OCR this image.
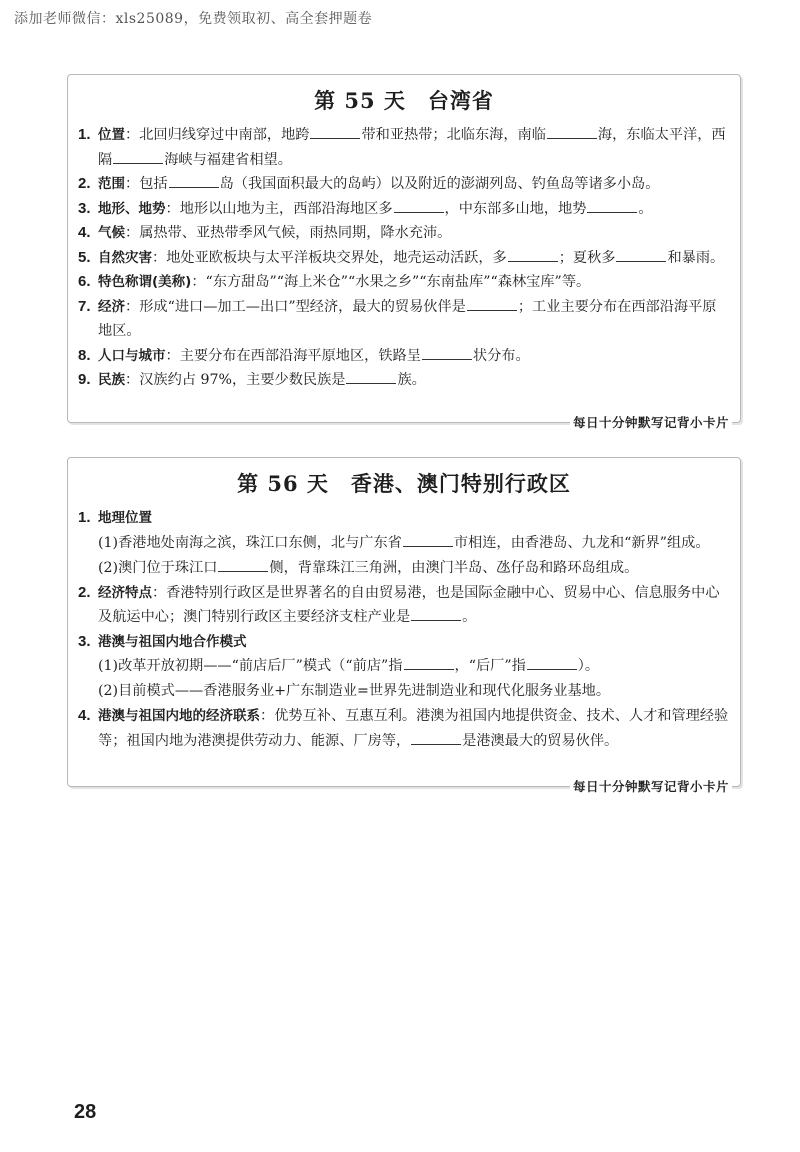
添加老师微信：xls25089，免费领取初、高全套押题卷
第 55 天　台湾省
1. 位置：北回归线穿过中南部，地跨	带和亚热带；北临东海，南临	海，东临太平洋，西隔	海峡与福建省相望。
2. 范围：包括	岛（我国面积最大的岛屿）以及附近的澎湖列岛、钓鱼岛等诸多小岛。
3. 地形、地势：地形以山地为主，西部沿海地区多	，中东部多山地，地势	。
4. 气候：属热带、亚热带季风气候，雨热同期，降水充沛。
5. 自然灾害：地处亚欧板块与太平洋板块交界处，地壳运动活跃，多	；夏秋多	和暴雨。
6. 特色称谓(美称)：“东方甜岛”“海上米仓”“水果之乡”“东南盐库”“森林宝库”等。
7. 经济：形成“进口—加工—出口”型经济，最大的贸易伙伴是	；工业主要分布在西部沿海平原地区。
8. 人口与城市：主要分布在西部沿海平原地区，铁路呈	状分布。
9. 民族：汉族约占 97%，主要少数民族是	族。
每日十分钟默写记背小卡片
第 56 天　香港、澳门特别行政区
1. 地理位置
(1)香港地处南海之滨，珠江口东侧，北与广东省	市相连，由香港岛、九龙和“新界”组成。
(2)澳门位于珠江口	侧，背靠珠江三角洲，由澳门半岛、氹仔岛和路环岛组成。
2. 经济特点：香港特别行政区是世界著名的自由贸易港，也是国际金融中心、贸易中心、信息服务中心及航运中心；澳门特别行政区主要经济支柱产业是	。
3. 港澳与祖国内地合作模式
(1)改革开放初期——“前店后厂”模式（“前店”指	，“后厂”指	）。
(2)目前模式——香港服务业+广东制造业=世界先进制造业和现代化服务业基地。
4. 港澳与祖国内地的经济联系：优势互补、互惠互利。港澳为祖国内地提供资金、技术、人才和管理经验等；祖国内地为港澳提供劳动力、能源、厂房等，	是港澳最大的贸易伙伴。
每日十分钟默写记背小卡片
28
